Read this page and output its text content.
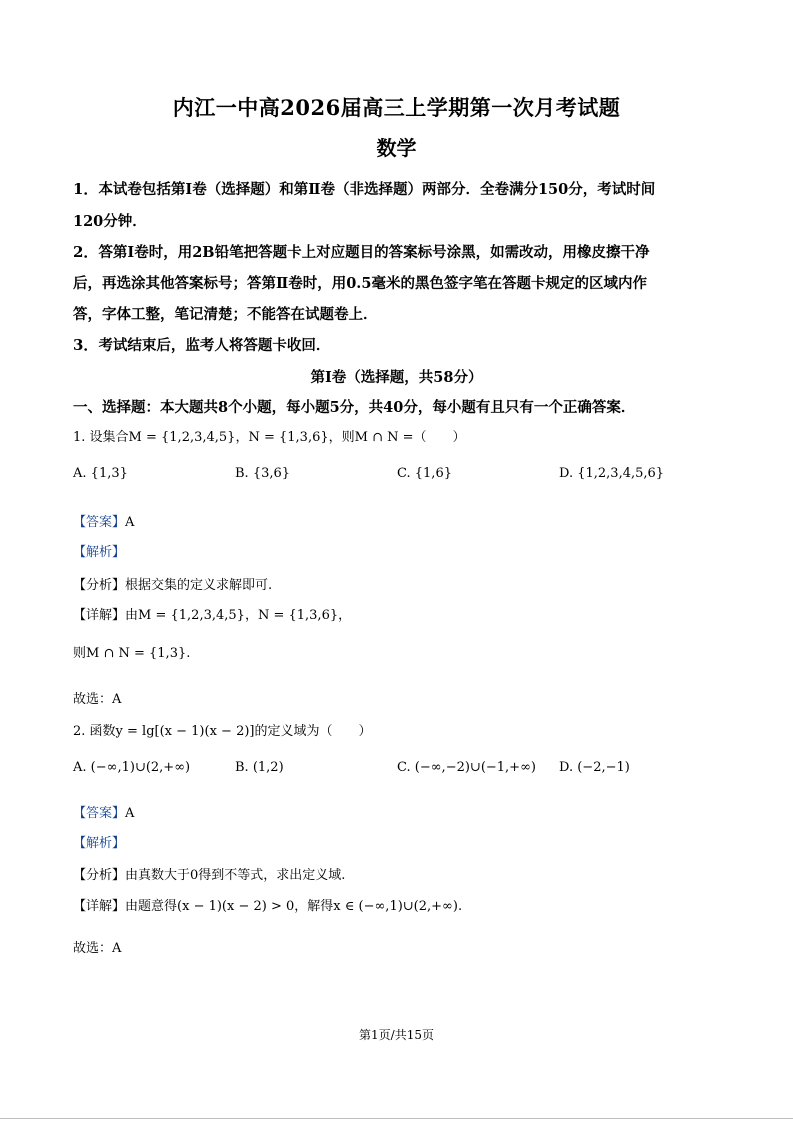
内江一中高2026届高三上学期第一次月考试题
数学
1．本试卷包括第Ⅰ卷（选择题）和第Ⅱ卷（非选择题）两部分．全卷满分150分，考试时间
120分钟．
2．答第Ⅰ卷时，用2B铅笔把答题卡上对应题目的答案标号涂黑，如需改动，用橡皮擦干净
后，再选涂其他答案标号；答第Ⅱ卷时，用0.5毫米的黑色签字笔在答题卡规定的区域内作
答，字体工整，笔记清楚；不能答在试题卷上．
3．考试结束后，监考人将答题卡收回．
第Ⅰ卷（选择题，共58分）
一、选择题：本大题共8个小题，每小题5分，共40分，每小题有且只有一个正确答案．
1. 设集合M = {1,2,3,4,5}，N = {1,3,6}，则M ∩ N =（　　）
A. {1,3}	B. {3,6}	C. {1,6}	D. {1,2,3,4,5,6}
【答案】A
【解析】
【分析】根据交集的定义求解即可.
【详解】由M = {1,2,3,4,5}，N = {1,3,6}，
则M ∩ N = {1,3}.
故选：A
2. 函数y = lg[(x − 1)(x − 2)]的定义域为（　　）
A. (−∞,1)∪(2,+∞)	B. (1,2)	C. (−∞,−2)∪(−1,+∞) D. (−2,−1)
【答案】A
【解析】
【分析】由真数大于0得到不等式，求出定义域.
【详解】由题意得(x − 1)(x − 2) > 0，解得x ∈ (−∞,1)∪(2,+∞).
故选：A
第1页/共15页
